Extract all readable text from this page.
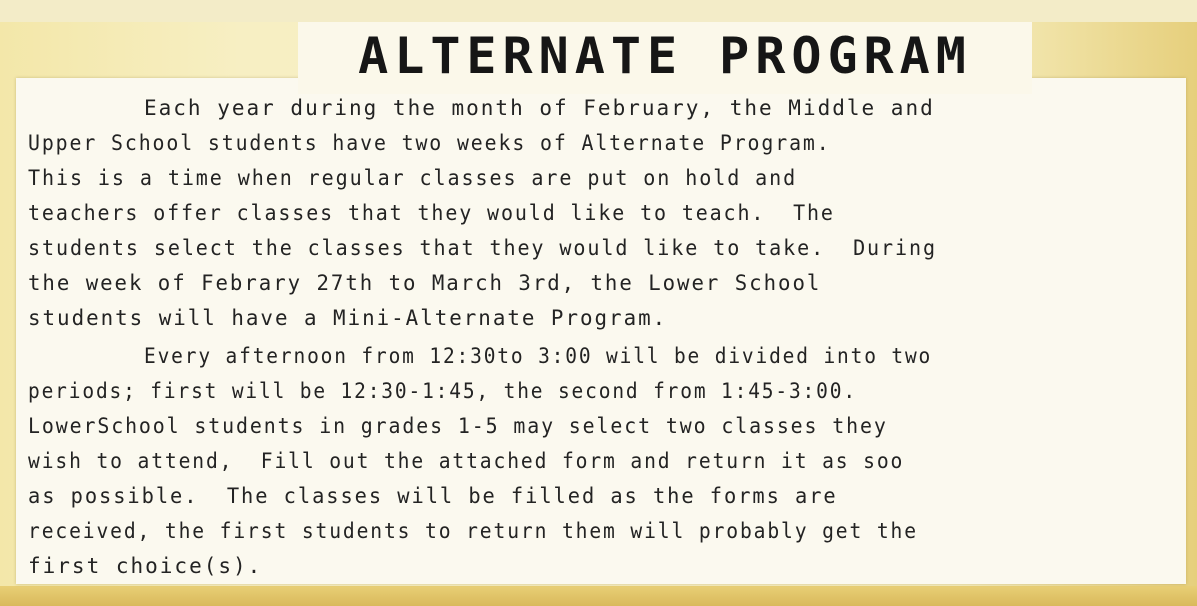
Each year during the month of February, the Middle and
Upper School students have two weeks of Alternate Program.
This is a time when regular classes are put on hold and
teachers offer classes that they would like to teach.  The
students select the classes that they would like to take.  During
the week of Febrary 27th to March 3rd, the Lower School
students will have a Mini-Alternate Program.
Every afternoon from 12:30to 3:00 will be divided into two
periods; first will be 12:30-1:45, the second from 1:45-3:00.
LowerSchool students in grades 1-5 may select two classes they
wish to attend,  Fill out the attached form and return it as soo
as possible.  The classes will be filled as the forms are
received, the first students to return them will probably get the
first choice(s).
ALTERNATE PROGRAM
